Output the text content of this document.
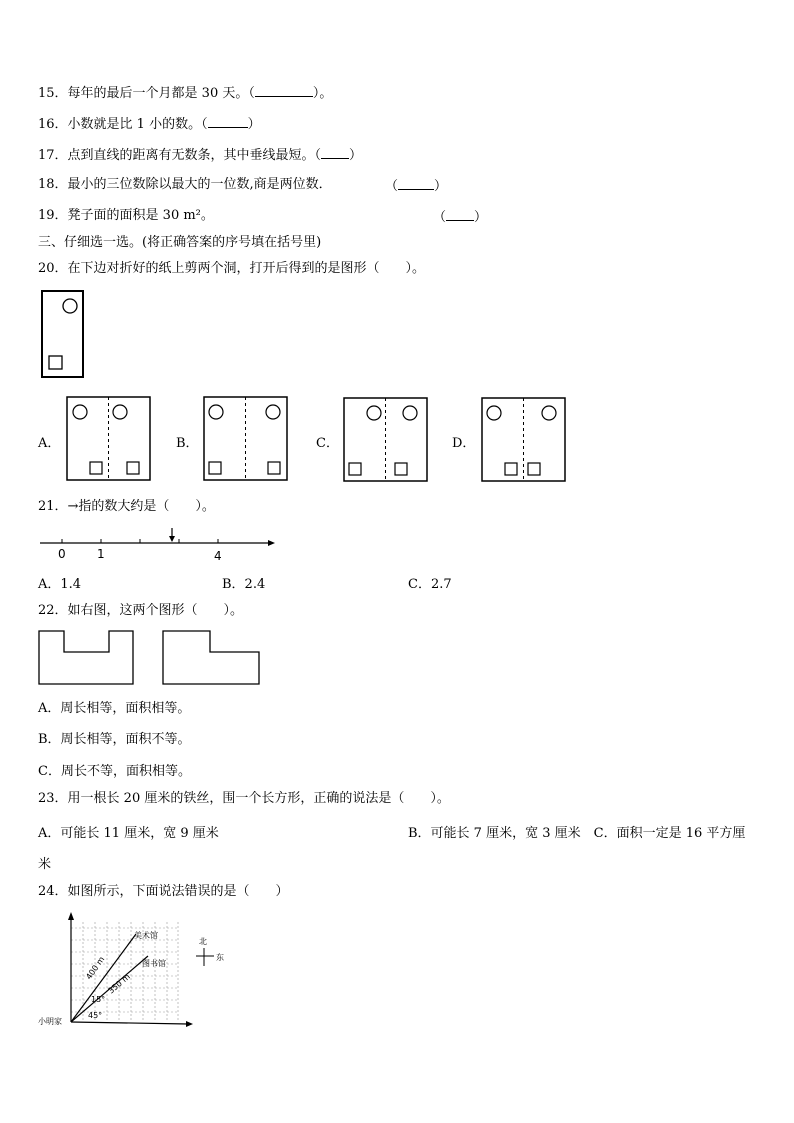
15．每年的最后一个月都是 30 天。（	）。
16．小数就是比 1 小的数。（	）
17．点到直线的距离有无数条，其中垂线最短。（ ）
18．最小的三位数除以最大的一位数,商是两位数．	（	）
19．凳子面的面积是 30 m²。	（ ）
三、仔细选一选。(将正确答案的序号填在括号里)
20．在下边对折好的纸上剪两个洞，打开后得到的是图形（　　）。
A．	B．	C．	D．
21．→指的数大约是（　　）。
0	1	4
A．1.4	B．2.4	C．2.7
22．如右图，这两个图形（　　）。
A．周长相等，面积相等。
B．周长相等，面积不等。
C．周长不等，面积相等。
23．用一根长 20 厘米的铁丝，围一个长方形，正确的说法是（　　）。
A．可能长 11 厘米，宽 9 厘米	B．可能长 7 厘米，宽 3 厘米　C．面积一定是 16 平方厘
米
24．如图所示，下面说法错误的是（　　）
美术馆
图书馆
小明家
400 m
350 m
15°
45°
北
东
